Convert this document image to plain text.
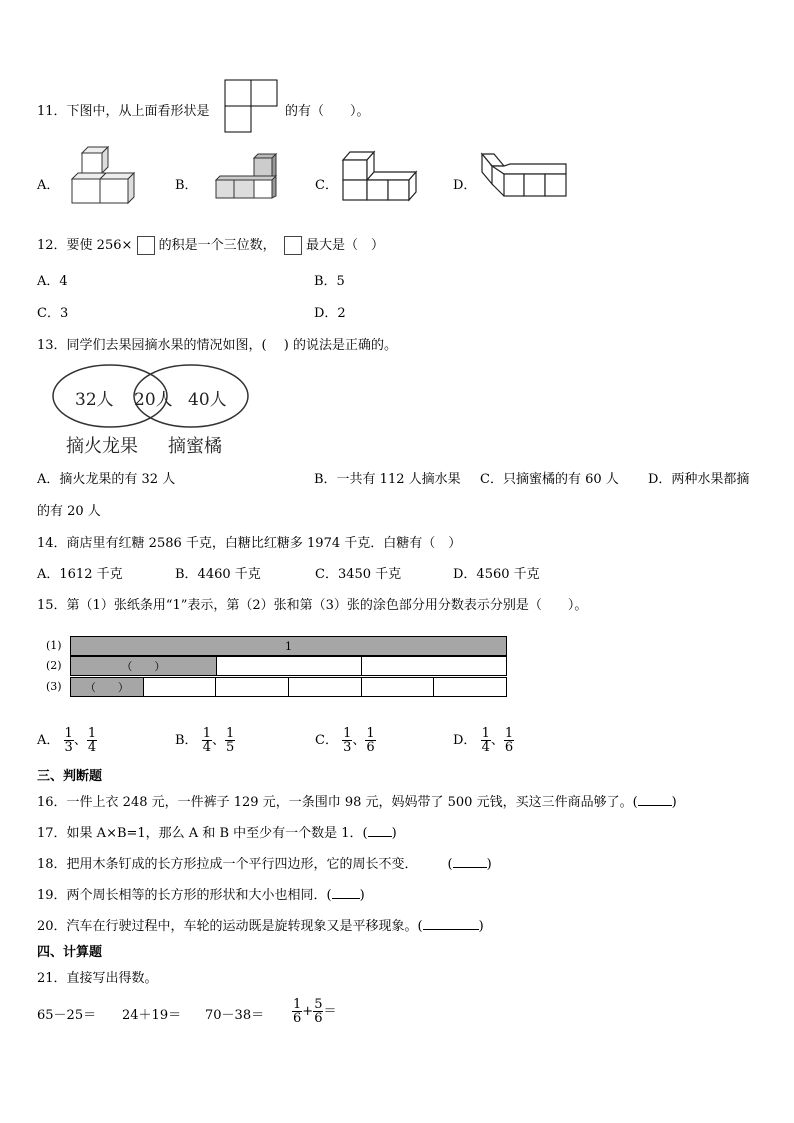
11．下图中，从上面看形状是	的有（　　）。
A．	B．	C．	D．
12．要使 256× 的积是一个三位数， 最大是（　）
A．4	B．5
C．3	D．2
13．同学们去果园摘水果的情况如图，(　 ) 的说法是正确的。
32人 20人 40人
摘火龙果 摘蜜橘
A．摘火龙果的有 32 人	B．一共有 112 人摘水果 C．只摘蜜橘的有 60 人 D．两种水果都摘
的有 20 人
14．商店里有红糖 2586 千克，白糖比红糖多 1974 千克．白糖有（　）
A．1612 千克	B．4460 千克	C．3450 千克	D．4560 千克
15．第（1）张纸条用“1”表示，第（2）张和第（3）张的涂色部分用分数表示分别是（　　）。
(1)
(2)
(3)
1
（　　）
（　　）
A． $\frac{1}{3}$ 、 $\frac{1}{4}$	B． $\frac{1}{4}$ 、 $\frac{1}{5}$	C． $\frac{1}{3}$ 、 $\frac{1}{6}$	D． $\frac{1}{4}$ 、 $\frac{1}{6}$
三、判断题
16．一件上衣 248 元，一件裤子 129 元，一条围巾 98 元，妈妈带了 500 元钱，买这三件商品够了。(	)
17．如果 A×B=1，那么 A 和 B 中至少有一个数是 1．( )
18．把用木条钉成的长方形拉成一个平行四边形，它的周长不变． (	)
19．两个周长相等的长方形的形状和大小也相同．( )
20．汽车在行驶过程中，车轮的运动既是旋转现象又是平移现象。(	)
四、计算题
21．直接写出得数。
$65-25= 24+19= 70-38= \frac{1}{6} + \frac{5}{6}$ ＝
